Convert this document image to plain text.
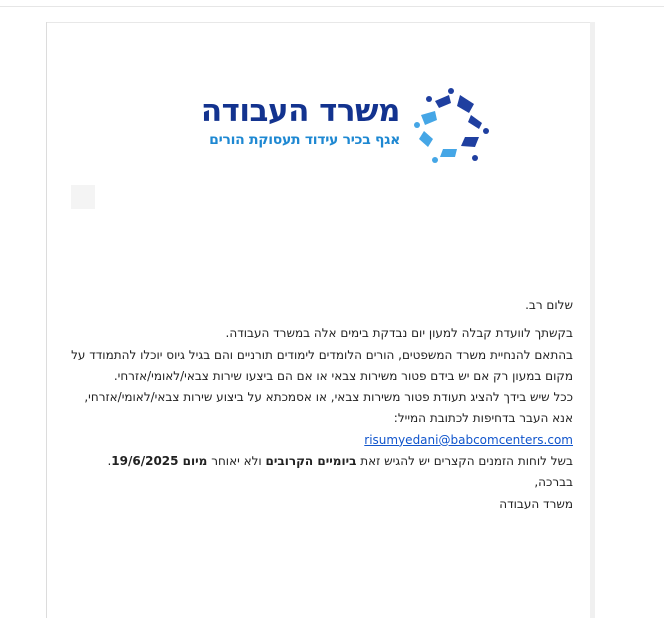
משרד העבודה
אגף בכיר עידוד תעסוקת הורים

שלום רב.

בקשתך לוועדת קבלה למעון יום נבדקת בימים אלה במשרד העבודה.

בהתאם להנחיית משרד המשפטים, הורים הלומדים לימודים תורניים והם בגיל גיוס יוכלו להתמודד על מקום במעון רק אם יש בידם פטור משירות צבאי או אם הם ביצעו שירות צבאי/לאומי/אזרחי.

ככל שיש בידך להציג תעודת פטור משירות צבאי, או אסמכתא על ביצוע שירות צבאי/לאומי/אזרחי, אנא העבר בדחיפות לכתובת המייל:

risumyedani@babcomcenters.com

בשל לוחות הזמנים הקצרים יש להגיש זאת ביומיים הקרובים ולא יאוחר מיום 19/6/2025.

בברכה,

משרד העבודה
